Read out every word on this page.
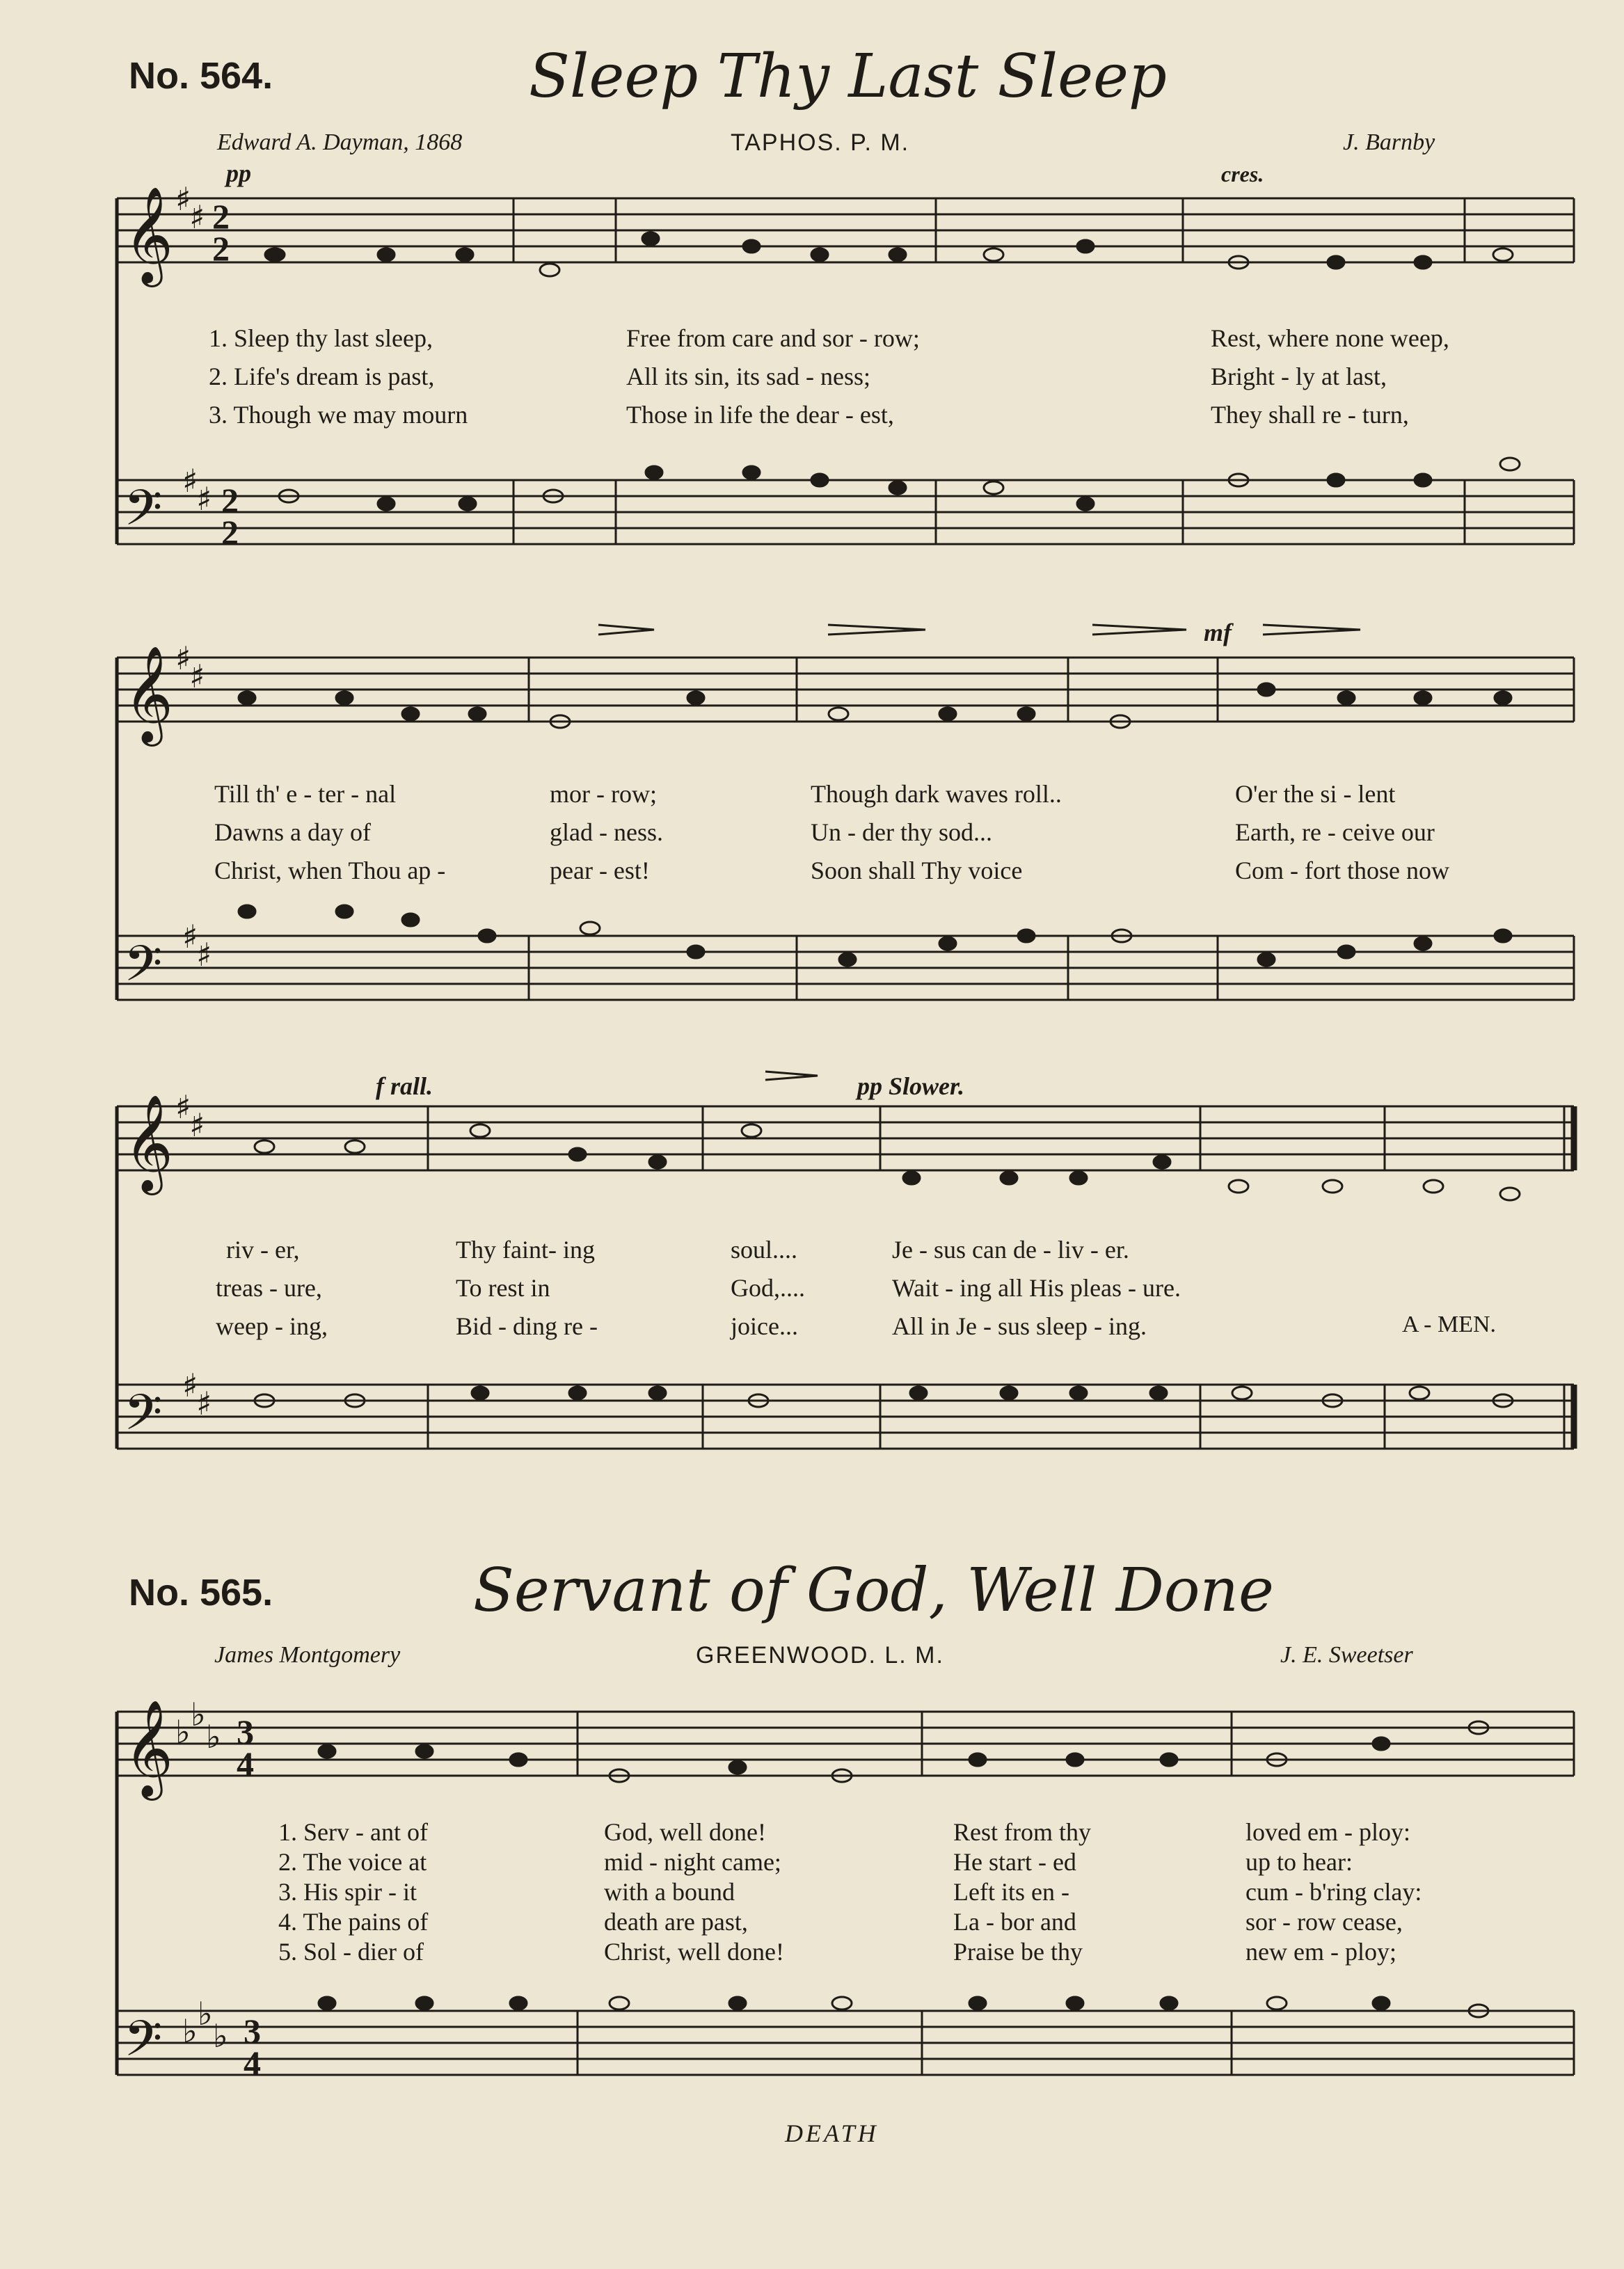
No. 564.	Sleep Thy Last Sleep
Edward A. Dayman, 1868	TAPHOS. P. M.	J. Barnby
pp	cres.
mf
f rall.	pp Slower.
𝄞
𝄢
𝄞
𝄢
𝄞
𝄢
𝄞
𝄢
♯
♯
♯
♯
♯
♯
♯
♯
♯
♯
♯
♯
♭ ♭
♭
♭ ♭
♭
2
2
2
2
3
4
3
4
1. Sleep thy last sleep,	Free from care and sor - row;	Rest, where none weep,
2. Life's dream is past,	All its sin, its sad - ness;	Bright - ly at last,
3. Though we may mourn	Those in life the dear - est,	They shall re - turn,
Till th' e - ter - nal	mor - row;	Though dark waves roll..	O'er the si - lent
Dawns a day of	glad - ness.	Un - der thy sod...	Earth, re - ceive our
Christ, when Thou ap -	pear - est!	Soon shall Thy voice	Com - fort those now
riv - er,	Thy faint- ing	soul....	Je - sus can de - liv - er.
treas - ure,	To rest in	God,....	Wait - ing all His pleas - ure.
weep - ing,	Bid - ding re -	joice...	All in Je - sus sleep - ing.	A - MEN.
No. 565.	Servant of God, Well Done
James Montgomery	GREENWOOD. L. M.	J. E. Sweetser
1. Serv - ant of	God, well done!	Rest from thy	loved em - ploy:
2. The voice at	mid - night came;	He start - ed	up to hear:
3. His spir - it	with a bound	Left its en -	cum - b'ring clay:
4. The pains of	death are past,	La - bor and	sor - row cease,
5. Sol - dier of	Christ, well done!	Praise be thy	new em - ploy;
DEATH
